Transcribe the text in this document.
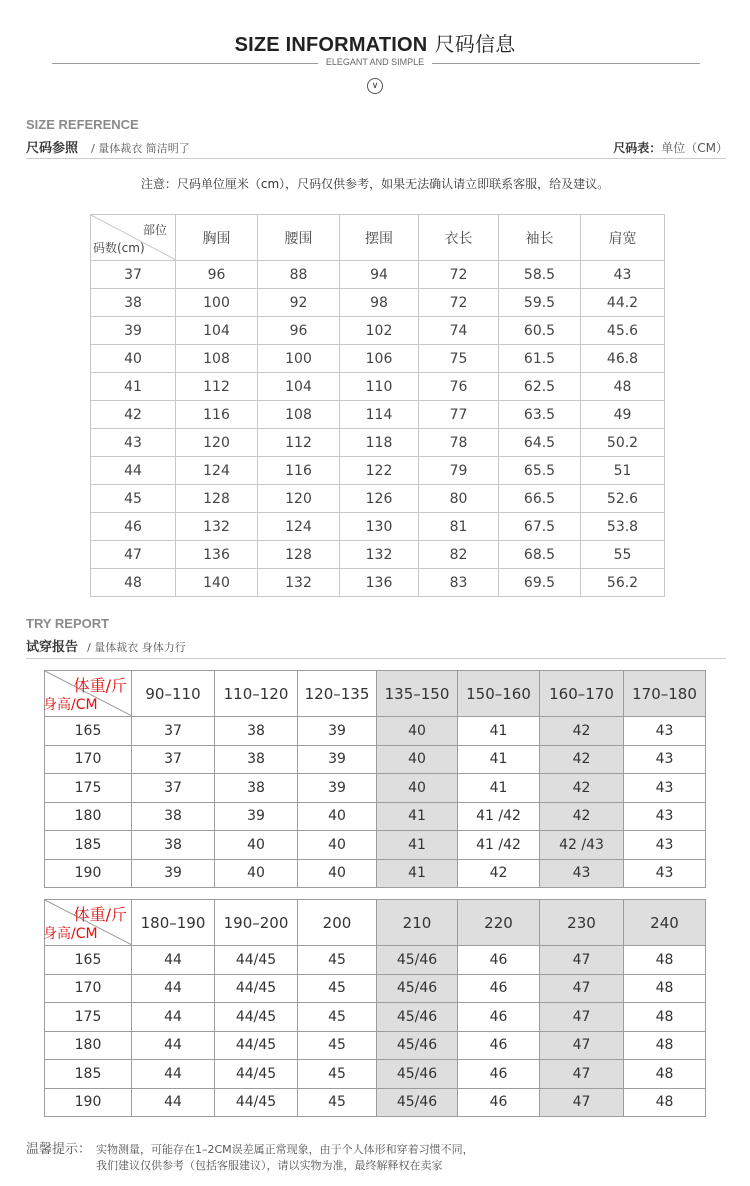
SIZE INFORMATION 尺码信息
ELEGANT AND SIMPLE
∨
SIZE REFERENCE
尺码参照 / 量体裁衣 简洁明了	尺码表：单位（CM）
注意：尺码单位厘米（cm），尺码仅供参考，如果无法确认请立即联系客服，给及建议。
部位
码数(cm)	胸围	腰围	摆围	衣长	袖长	肩宽
37	96	88	94	72	58.5	43
38	100	92	98	72	59.5	44.2
39	104	96	102	74	60.5	45.6
40	108	100	106	75	61.5	46.8
41	112	104	110	76	62.5	48
42	116	108	114	77	63.5	49
43	120	112	118	78	64.5	50.2
44	124	116	122	79	65.5	51
45	128	120	126	80	66.5	52.6
46	132	124	130	81	67.5	53.8
47	136	128	132	82	68.5	55
48	140	132	136	83	69.5	56.2
TRY REPORT
试穿报告 / 量体裁衣 身体力行
体重/斤
身高/CM	90–110	110–120	120–135	135–150	150–160	160–170	170–180
165	37	38	39	40	41	42	43
170	37	38	39	40	41	42	43
175	37	38	39	40	41	42	43
180	38	39	40	41	41 /42	42	43
185	38	40	40	41	41 /42	42 /43	43
190	39	40	40	41	42	43	43
体重/斤
身高/CM	180–190	190–200	200	210	220	230	240
165	44	44/45	45	45/46	46	47	48
170	44	44/45	45	45/46	46	47	48
175	44	44/45	45	45/46	46	47	48
180	44	44/45	45	45/46	46	47	48
185	44	44/45	45	45/46	46	47	48
190	44	44/45	45	45/46	46	47	48
温馨提示： 实物测量，可能存在1–2CM误差属正常现象，由于个人体形和穿着习惯不同，
我们建议仅供参考（包括客服建议），请以实物为准，最终解释权在卖家
